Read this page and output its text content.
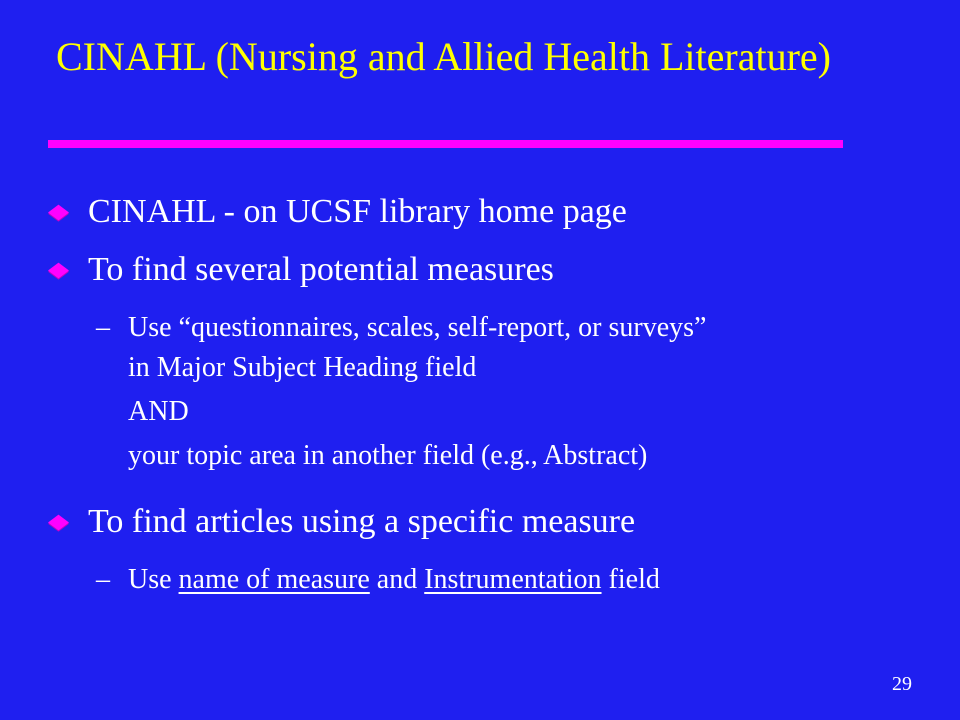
CINAHL (Nursing and Allied Health Literature)
CINAHL - on UCSF library home page
To find several potential measures
– Use “questionnaires, scales, self-report, or surveys”
in Major Subject Heading field
AND
your topic area in another field (e.g., Abstract)
To find articles using a specific measure
– Use name of measure and Instrumentation field
29
